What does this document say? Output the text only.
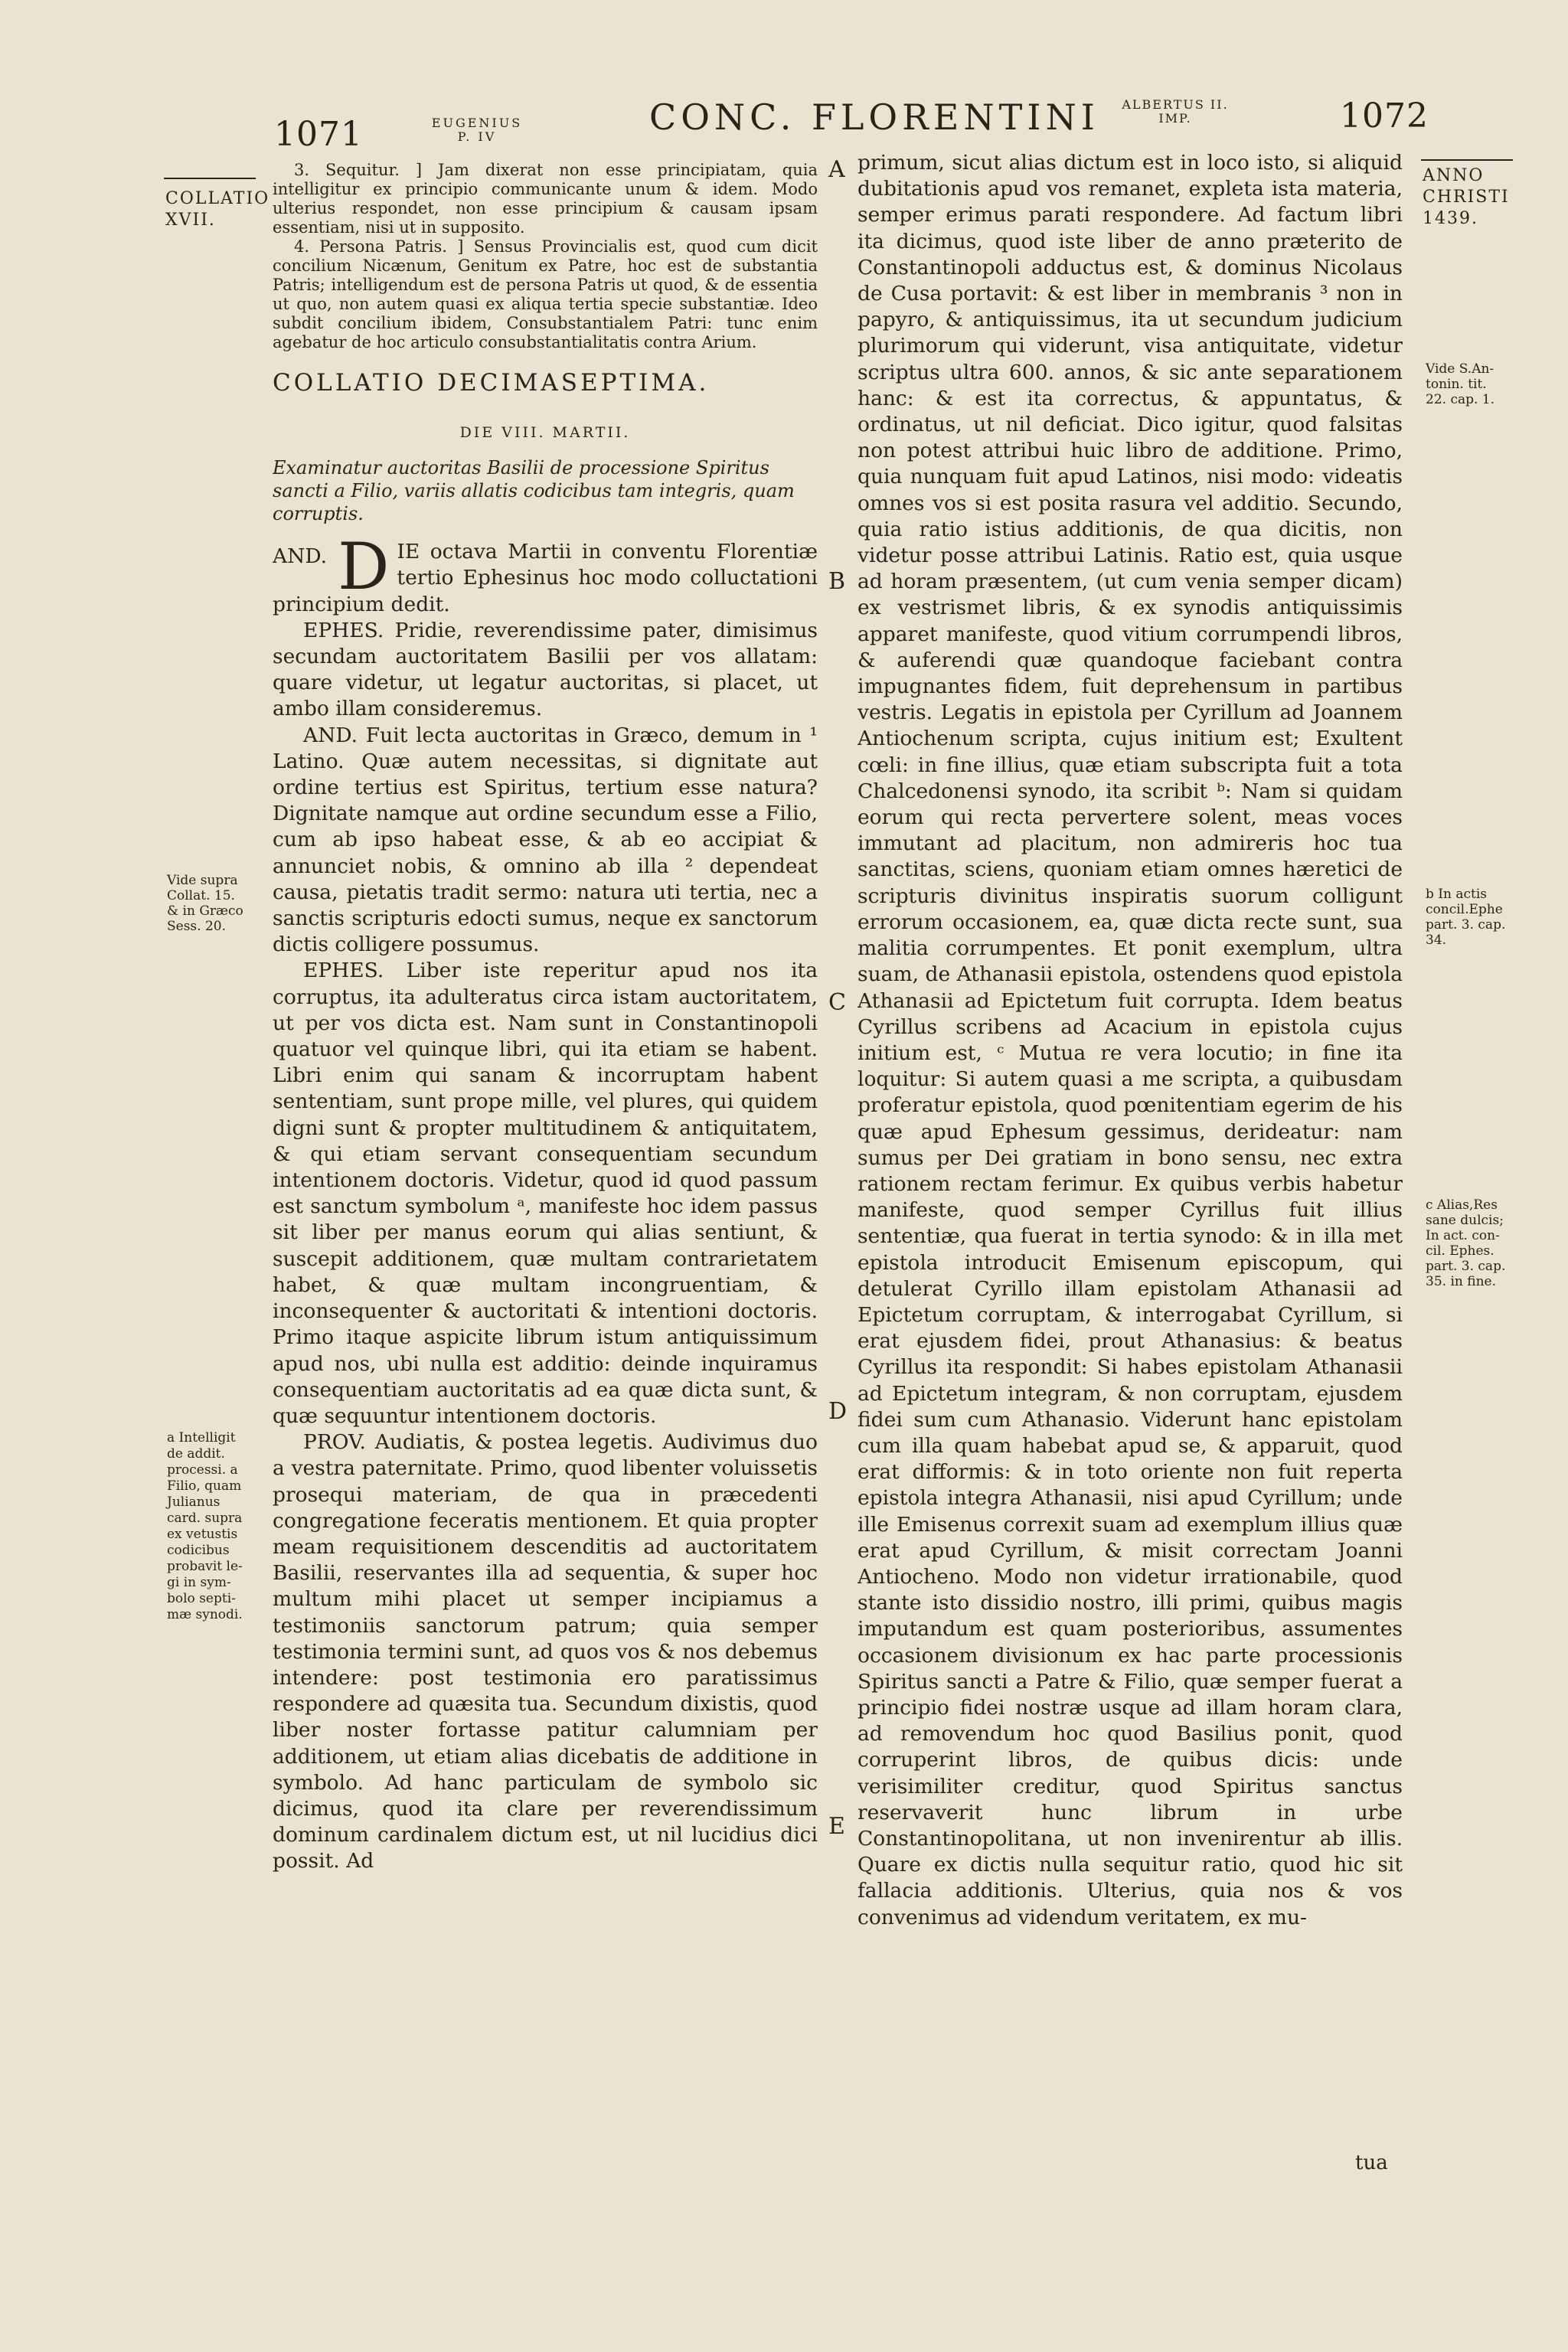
1071	EUGENIUS
P. IV	CONC. FLORENTINI	ALBERTUS II.
IMP.	1072
COLLATIO
XVII.
ANNO
CHRISTI
1439.
Vide supra
Collat. 15.
& in Græco
Sess. 20.
a Intelligit
de addit.
processi. a
Filio, quam
Julianus
card. supra
ex vetustis
codicibus
probavit le-
gi in sym-
bolo septi-
mæ synodi.
Vide S.An-
tonin. tit.
22. cap. 1.
b In actis
concil.Ephe
part. 3. cap.
34.
c Alias,Res
sane dulcis;
In act. con-
cil. Ephes.
part. 3. cap.
35. in fine.
A
B
C
D
E

3. Sequitur. ] Jam dixerat non esse principiatam, quia intelligitur ex principio communicante unum & idem. Modo ulterius respondet, non esse principium & causam ipsam essentiam, nisi ut in supposito.

4. Persona Patris. ] Sensus Provincialis est, quod cum dicit concilium Nicænum, Genitum ex Patre, hoc est de substantia Patris; intelligendum est de persona Patris ut quod, & de essentia ut quo, non autem quasi ex aliqua tertia specie substantiæ. Ideo subdit concilium ibidem, Consubstantialem Patri: tunc enim agebatur de hoc articulo consubstantialitatis contra Arium.

COLLATIO DECIMASEPTIMA.
DIE VIII. MARTII.
Examinatur auctoritas Basilii de processione Spiritus sancti a Filio, variis allatis codicibus tam integris, quam corruptis.

AND. D IE octava Martii in conventu Florentiæ tertio Ephesinus hoc modo colluctationi principium dedit.

EPHES. Pridie, reverendissime pater, dimisimus secundam auctoritatem Basilii per vos allatam: quare videtur, ut legatur auctoritas, si placet, ut ambo illam consideremus.

AND. Fuit lecta auctoritas in Græco, demum in ¹ Latino. Quæ autem necessitas, si dignitate aut ordine tertius est Spiritus, tertium esse natura? Dignitate namque aut ordine secundum esse a Filio, cum ab ipso habeat esse, & ab eo accipiat & annunciet nobis, & omnino ab illa ² dependeat causa, pietatis tradit sermo: natura uti tertia, nec a sanctis scripturis edocti sumus, neque ex sanctorum dictis colligere possumus.

EPHES. Liber iste reperitur apud nos ita corruptus, ita adulteratus circa istam auctoritatem, ut per vos dicta est. Nam sunt in Constantinopoli quatuor vel quinque libri, qui ita etiam se habent. Libri enim qui sanam & incorruptam habent sententiam, sunt prope mille, vel plures, qui quidem digni sunt & propter multitudinem & antiquitatem, & qui etiam servant consequentiam secundum intentionem doctoris. Videtur, quod id quod passum est sanctum symbolum ᵃ, manifeste hoc idem passus sit liber per manus eorum qui alias sentiunt, & suscepit additionem, quæ multam contrarietatem habet, & quæ multam incongruentiam, & inconsequenter & auctoritati & intentioni doctoris. Primo itaque aspicite librum istum antiquissimum apud nos, ubi nulla est additio: deinde inquiramus consequentiam auctoritatis ad ea quæ dicta sunt, & quæ sequuntur intentionem doctoris.

PROV. Audiatis, & postea legetis. Audivimus duo a vestra paternitate. Primo, quod libenter voluissetis prosequi materiam, de qua in præcedenti congregatione feceratis mentionem. Et quia propter meam requisitionem descenditis ad auctoritatem Basilii, reservantes illa ad sequentia, & super hoc multum mihi placet ut semper incipiamus a testimoniis sanctorum patrum; quia semper testimonia termini sunt, ad quos vos & nos debemus intendere: post testimonia ero paratissimus respondere ad quæsita tua. Secundum dixistis, quod liber noster fortasse patitur calumniam per additionem, ut etiam alias dicebatis de additione in symbolo. Ad hanc particulam de symbolo sic dicimus, quod ita clare per reverendissimum dominum cardinalem dictum est, ut nil lucidius dici possit. Ad

primum, sicut alias dictum est in loco isto, si aliquid dubitationis apud vos remanet, expleta ista materia, semper erimus parati respondere. Ad factum libri ita dicimus, quod iste liber de anno præterito de Constantinopoli adductus est, & dominus Nicolaus de Cusa portavit: & est liber in membranis ³ non in papyro, & antiquissimus, ita ut secundum judicium plurimorum qui viderunt, visa antiquitate, videtur scriptus ultra 600. annos, & sic ante separationem hanc: & est ita correctus, & appuntatus, & ordinatus, ut nil deficiat. Dico igitur, quod falsitas non potest attribui huic libro de additione. Primo, quia nunquam fuit apud Latinos, nisi modo: videatis omnes vos si est posita rasura vel additio. Secundo, quia ratio istius additionis, de qua dicitis, non videtur posse attribui Latinis. Ratio est, quia usque ad horam præsentem, (ut cum venia semper dicam) ex vestrismet libris, & ex synodis antiquissimis apparet manifeste, quod vitium corrumpendi libros, & auferendi quæ quandoque faciebant contra impugnantes fidem, fuit deprehensum in partibus vestris. Legatis in epistola per Cyrillum ad Joannem Antiochenum scripta, cujus initium est; Exultent cœli: in fine illius, quæ etiam subscripta fuit a tota Chalcedonensi synodo, ita scribit ᵇ: Nam si quidam eorum qui recta pervertere solent, meas voces immutant ad placitum, non admireris hoc tua sanctitas, sciens, quoniam etiam omnes hæretici de scripturis divinitus inspiratis suorum colligunt errorum occasionem, ea, quæ dicta recte sunt, sua malitia corrumpentes. Et ponit exemplum, ultra suam, de Athanasii epistola, ostendens quod epistola Athanasii ad Epictetum fuit corrupta. Idem beatus Cyrillus scribens ad Acacium in epistola cujus initium est, ᶜ Mutua re vera locutio; in fine ita loquitur: Si autem quasi a me scripta, a quibusdam proferatur epistola, quod pœnitentiam egerim de his quæ apud Ephesum gessimus, derideatur: nam sumus per Dei gratiam in bono sensu, nec extra rationem rectam ferimur. Ex quibus verbis habetur manifeste, quod semper Cyrillus fuit illius sententiæ, qua fuerat in tertia synodo: & in illa met epistola introducit Emisenum episcopum, qui detulerat Cyrillo illam epistolam Athanasii ad Epictetum corruptam, & interrogabat Cyrillum, si erat ejusdem fidei, prout Athanasius: & beatus Cyrillus ita respondit: Si habes epistolam Athanasii ad Epictetum integram, & non corruptam, ejusdem fidei sum cum Athanasio. Viderunt hanc epistolam cum illa quam habebat apud se, & apparuit, quod erat difformis: & in toto oriente non fuit reperta epistola integra Athanasii, nisi apud Cyrillum; unde ille Emisenus correxit suam ad exemplum illius quæ erat apud Cyrillum, & misit correctam Joanni Antiocheno. Modo non videtur irrationabile, quod stante isto dissidio nostro, illi primi, quibus magis imputandum est quam posterioribus, assumentes occasionem divisionum ex hac parte processionis Spiritus sancti a Patre & Filio, quæ semper fuerat a principio fidei nostræ usque ad illam horam clara, ad removendum hoc quod Basilius ponit, quod corruperint libros, de quibus dicis: unde verisimiliter creditur, quod Spiritus sanctus reservaverit hunc librum in urbe Constantinopolitana, ut non invenirentur ab illis. Quare ex dictis nulla sequitur ratio, quod hic sit fallacia additionis. Ulterius, quia nos & vos convenimus ad videndum veritatem, ex mu-

tua
